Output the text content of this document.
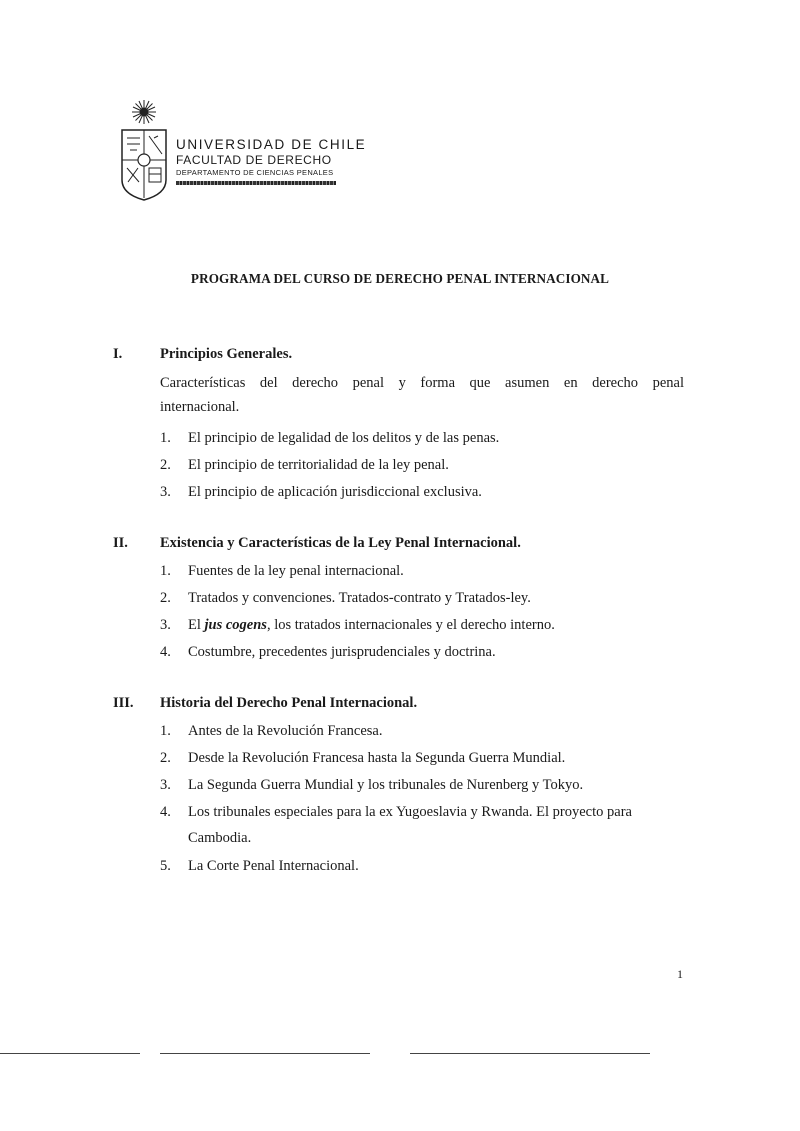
UNIVERSIDAD DE CHILE
FACULTAD DE DERECHO
DEPARTAMENTO DE CIENCIAS PENALES
PROGRAMA DEL CURSO DE DERECHO PENAL INTERNACIONAL
I.	Principios Generales.
Características del derecho penal y forma que asumen en derecho penal
internacional.
1. El principio de legalidad de los delitos y de las penas.
2. El principio de territorialidad de la ley penal.
3. El principio de aplicación jurisdiccional exclusiva.
II. Existencia y Características de la Ley Penal Internacional.
1. Fuentes de la ley penal internacional.
2. Tratados y convenciones. Tratados-contrato y Tratados-ley.
3. El jus cogens, los tratados internacionales y el derecho interno.
4. Costumbre, precedentes jurisprudenciales y doctrina.
III. Historia del Derecho Penal Internacional.
1. Antes de la Revolución Francesa.
2. Desde la Revolución Francesa hasta la Segunda Guerra Mundial.
3. La Segunda Guerra Mundial y los tribunales de Nurenberg y Tokyo.
4. Los tribunales especiales para la ex Yugoeslavia y Rwanda. El proyecto para Cambodia.
5. La Corte Penal Internacional.
1
